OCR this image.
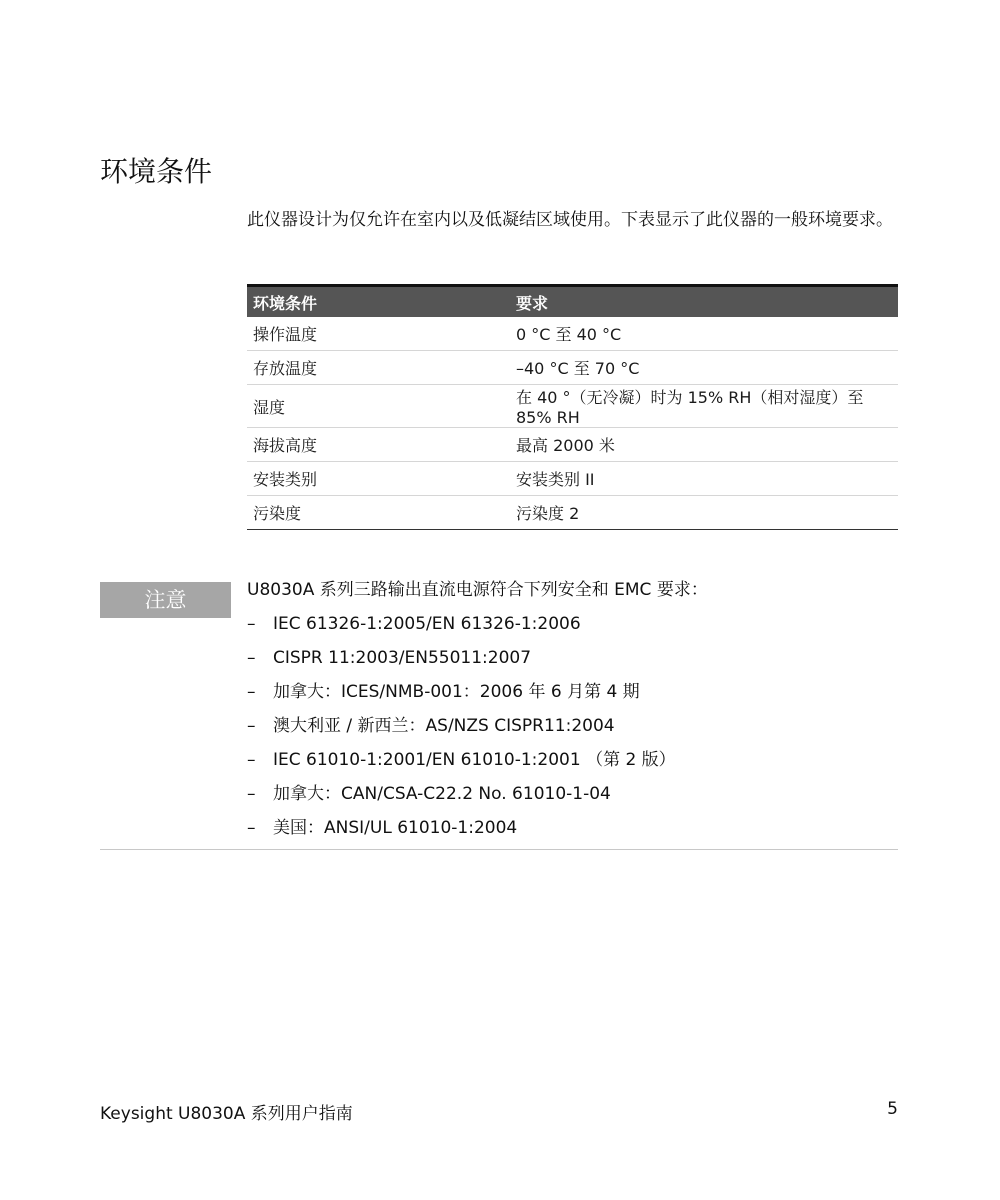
环境条件

此仪器设计为仅允许在室内以及低凝结区域使用。下表显示了此仪器的一般环境要求。

环境条件	要求
操作温度	0 °C 至 40 °C
存放温度	–40 °C 至 70 °C
湿度	在 40 °（无冷凝）时为 15% RH（相对湿度）至 85% RH
海拔高度	最高 2000 米
安装类别	安装类别 II
污染度	污染度 2
注意	U8030A 系列三路输出直流电源符合下列安全和 EMC 要求：

– IEC 61326-1:2005/EN 61326-1:2006
– CISPR 11:2003/EN55011:2007
– 加拿大：ICES/NMB-001：2006 年 6 月第 4 期
– 澳大利亚 / 新西兰：AS/NZS CISPR11:2004
– IEC 61010-1:2001/EN 61010-1:2001 （第 2 版）
– 加拿大：CAN/CSA-C22.2 No. 61010-1-04
– 美国：ANSI/UL 61010-1:2004
Keysight U8030A 系列用户指南	5
